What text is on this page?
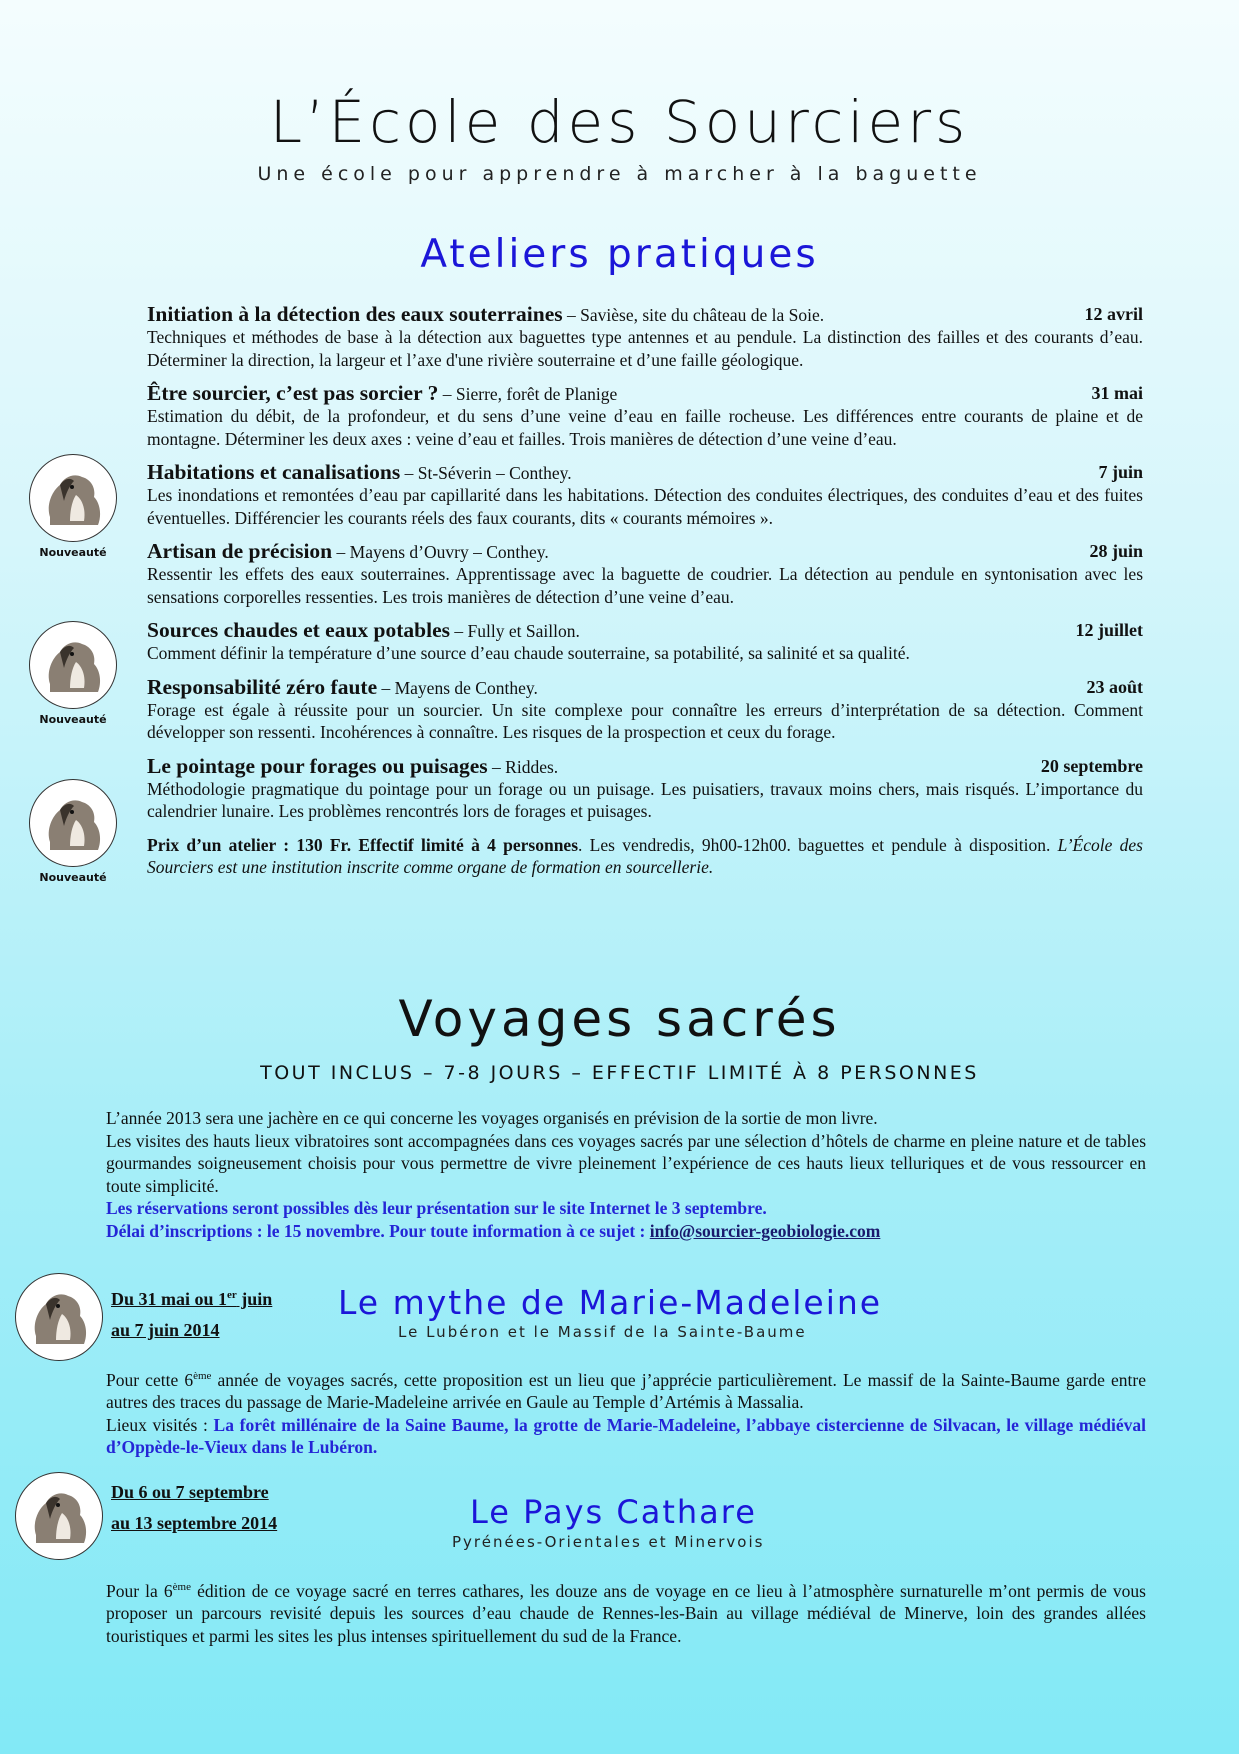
L’École des Sourciers
Une école pour apprendre à marcher à la baguette
Ateliers pratiques
Nouveauté
Nouveauté
Nouveauté
Initiation à la détection des eaux souterraines – Savièse, site du château de la Soie.	12 avril
Techniques et méthodes de base à la détection aux baguettes type antennes et au pendule. La distinction des failles et des courants d’eau. Déterminer la direction, la largeur et l’axe d'une rivière souterraine et d’une faille géologique.
Être sourcier, c’est pas sorcier ? – Sierre, forêt de Planige	31 mai
Estimation du débit, de la profondeur, et du sens d’une veine d’eau en faille rocheuse. Les différences entre courants de plaine et de montagne. Déterminer les deux axes : veine d’eau et failles. Trois manières de détection d’une veine d’eau.
Habitations et canalisations – St-Séverin – Conthey.	7 juin
Les inondations et remontées d’eau par capillarité dans les habitations. Détection des conduites électriques, des conduites d’eau et des fuites éventuelles. Différencier les courants réels des faux courants, dits « courants mémoires ».
Artisan de précision – Mayens d’Ouvry – Conthey.	28 juin
Ressentir les effets des eaux souterraines. Apprentissage avec la baguette de coudrier. La détection au pendule en syntonisation avec les sensations corporelles ressenties. Les trois manières de détection d’une veine d’eau.
Sources chaudes et eaux potables – Fully et Saillon.	12 juillet
Comment définir la température d’une source d’eau chaude souterraine, sa potabilité, sa salinité et sa qualité.
Responsabilité zéro faute – Mayens de Conthey.	23 août
Forage est égale à réussite pour un sourcier. Un site complexe pour connaître les erreurs d’interprétation de sa détection. Comment développer son ressenti. Incohérences à connaître. Les risques de la prospection et ceux du forage.
Le pointage pour forages ou puisages – Riddes.	20 septembre
Méthodologie pragmatique du pointage pour un forage ou un puisage. Les puisatiers, travaux moins chers, mais risqués. L’importance du calendrier lunaire. Les problèmes rencontrés lors de forages et puisages.
Prix d’un atelier : 130 Fr. Effectif limité à 4 personnes. Les vendredis, 9h00-12h00. baguettes et pendule à disposition. L’École des Sourciers est une institution inscrite comme organe de formation en sourcellerie.
Voyages sacrés
TOUT INCLUS – 7-8 JOURS – EFFECTIF LIMITÉ À 8 PERSONNES
L’année 2013 sera une jachère en ce qui concerne les voyages organisés en prévision de la sortie de mon livre.
Les visites des hauts lieux vibratoires sont accompagnées dans ces voyages sacrés par une sélection d’hôtels de charme en pleine nature et de tables gourmandes soigneusement choisis pour vous permettre de vivre pleinement l’expérience de ces hauts lieux telluriques et de vous ressourcer en toute simplicité.
Les réservations seront possibles dès leur présentation sur le site Internet le 3 septembre.
Délai d’inscriptions : le 15 novembre. Pour toute information à ce sujet : info@sourcier-geobiologie.com
Du 31 mai ou 1er juin
au 7 juin 2014
Le mythe de Marie-Madeleine
Le Lubéron et le Massif de la Sainte-Baume
Pour cette 6ème année de voyages sacrés, cette proposition est un lieu que j’apprécie particulièrement. Le massif de la Sainte-Baume garde entre autres des traces du passage de Marie-Madeleine arrivée en Gaule au Temple d’Artémis à Massalia.
Lieux visités : La forêt millénaire de la Saine Baume, la grotte de Marie-Madeleine, l’abbaye cistercienne de Silvacan, le village médiéval d’Oppède-le-Vieux dans le Lubéron.
Du 6 ou 7 septembre
au 13 septembre 2014	Le Pays Cathare
Pyrénées-Orientales et Minervois
Pour la 6ème édition de ce voyage sacré en terres cathares, les douze ans de voyage en ce lieu à l’atmosphère surnaturelle m’ont permis de vous proposer un parcours revisité depuis les sources d’eau chaude de Rennes-les-Bain au village médiéval de Minerve, loin des grandes allées touristiques et parmi les sites les plus intenses spirituellement du sud de la France.
